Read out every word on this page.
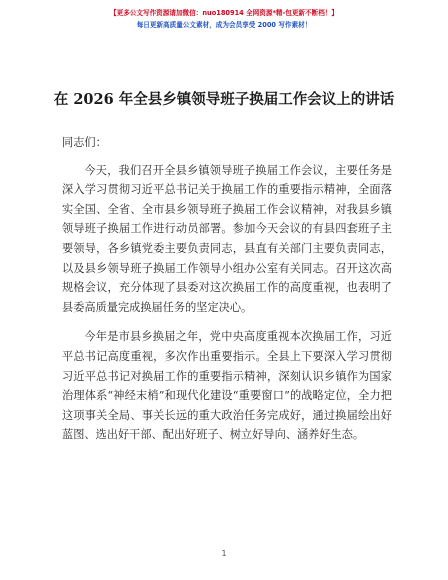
【更多公文写作资源请加微信：nuo180914 全网资源*精-包更新不断档！】
每日更新高质量公文素材，成为会员享受 2000 写作素材！
在 2026 年全县乡镇领导班子换届工作会议上的讲话

同志们：

今天，我们召开全县乡镇领导班子换届工作会议，主要任务是深入学习贯彻习近平总书记关于换届工作的重要指示精神，全面落实全国、全省、全市县乡领导班子换届工作会议精神，对我县乡镇领导班子换届工作进行动员部署。参加今天会议的有县四套班子主要领导，各乡镇党委主要负责同志，县直有关部门主要负责同志，以及县乡领导班子换届工作领导小组办公室有关同志。召开这次高规格会议，充分体现了县委对这次换届工作的高度重视，也表明了县委高质量完成换届任务的坚定决心。

今年是市县乡换届之年，党中央高度重视本次换届工作，习近平总书记高度重视，多次作出重要指示。全县上下要深入学习贯彻习近平总书记对换届工作的重要指示精神，深刻认识乡镇作为国家治理体系“神经末梢”和现代化建设“重要窗口”的战略定位，全力把这项事关全局、事关长远的重大政治任务完成好，通过换届绘出好蓝图、选出好干部、配出好班子、树立好导向、涵养好生态。

1
